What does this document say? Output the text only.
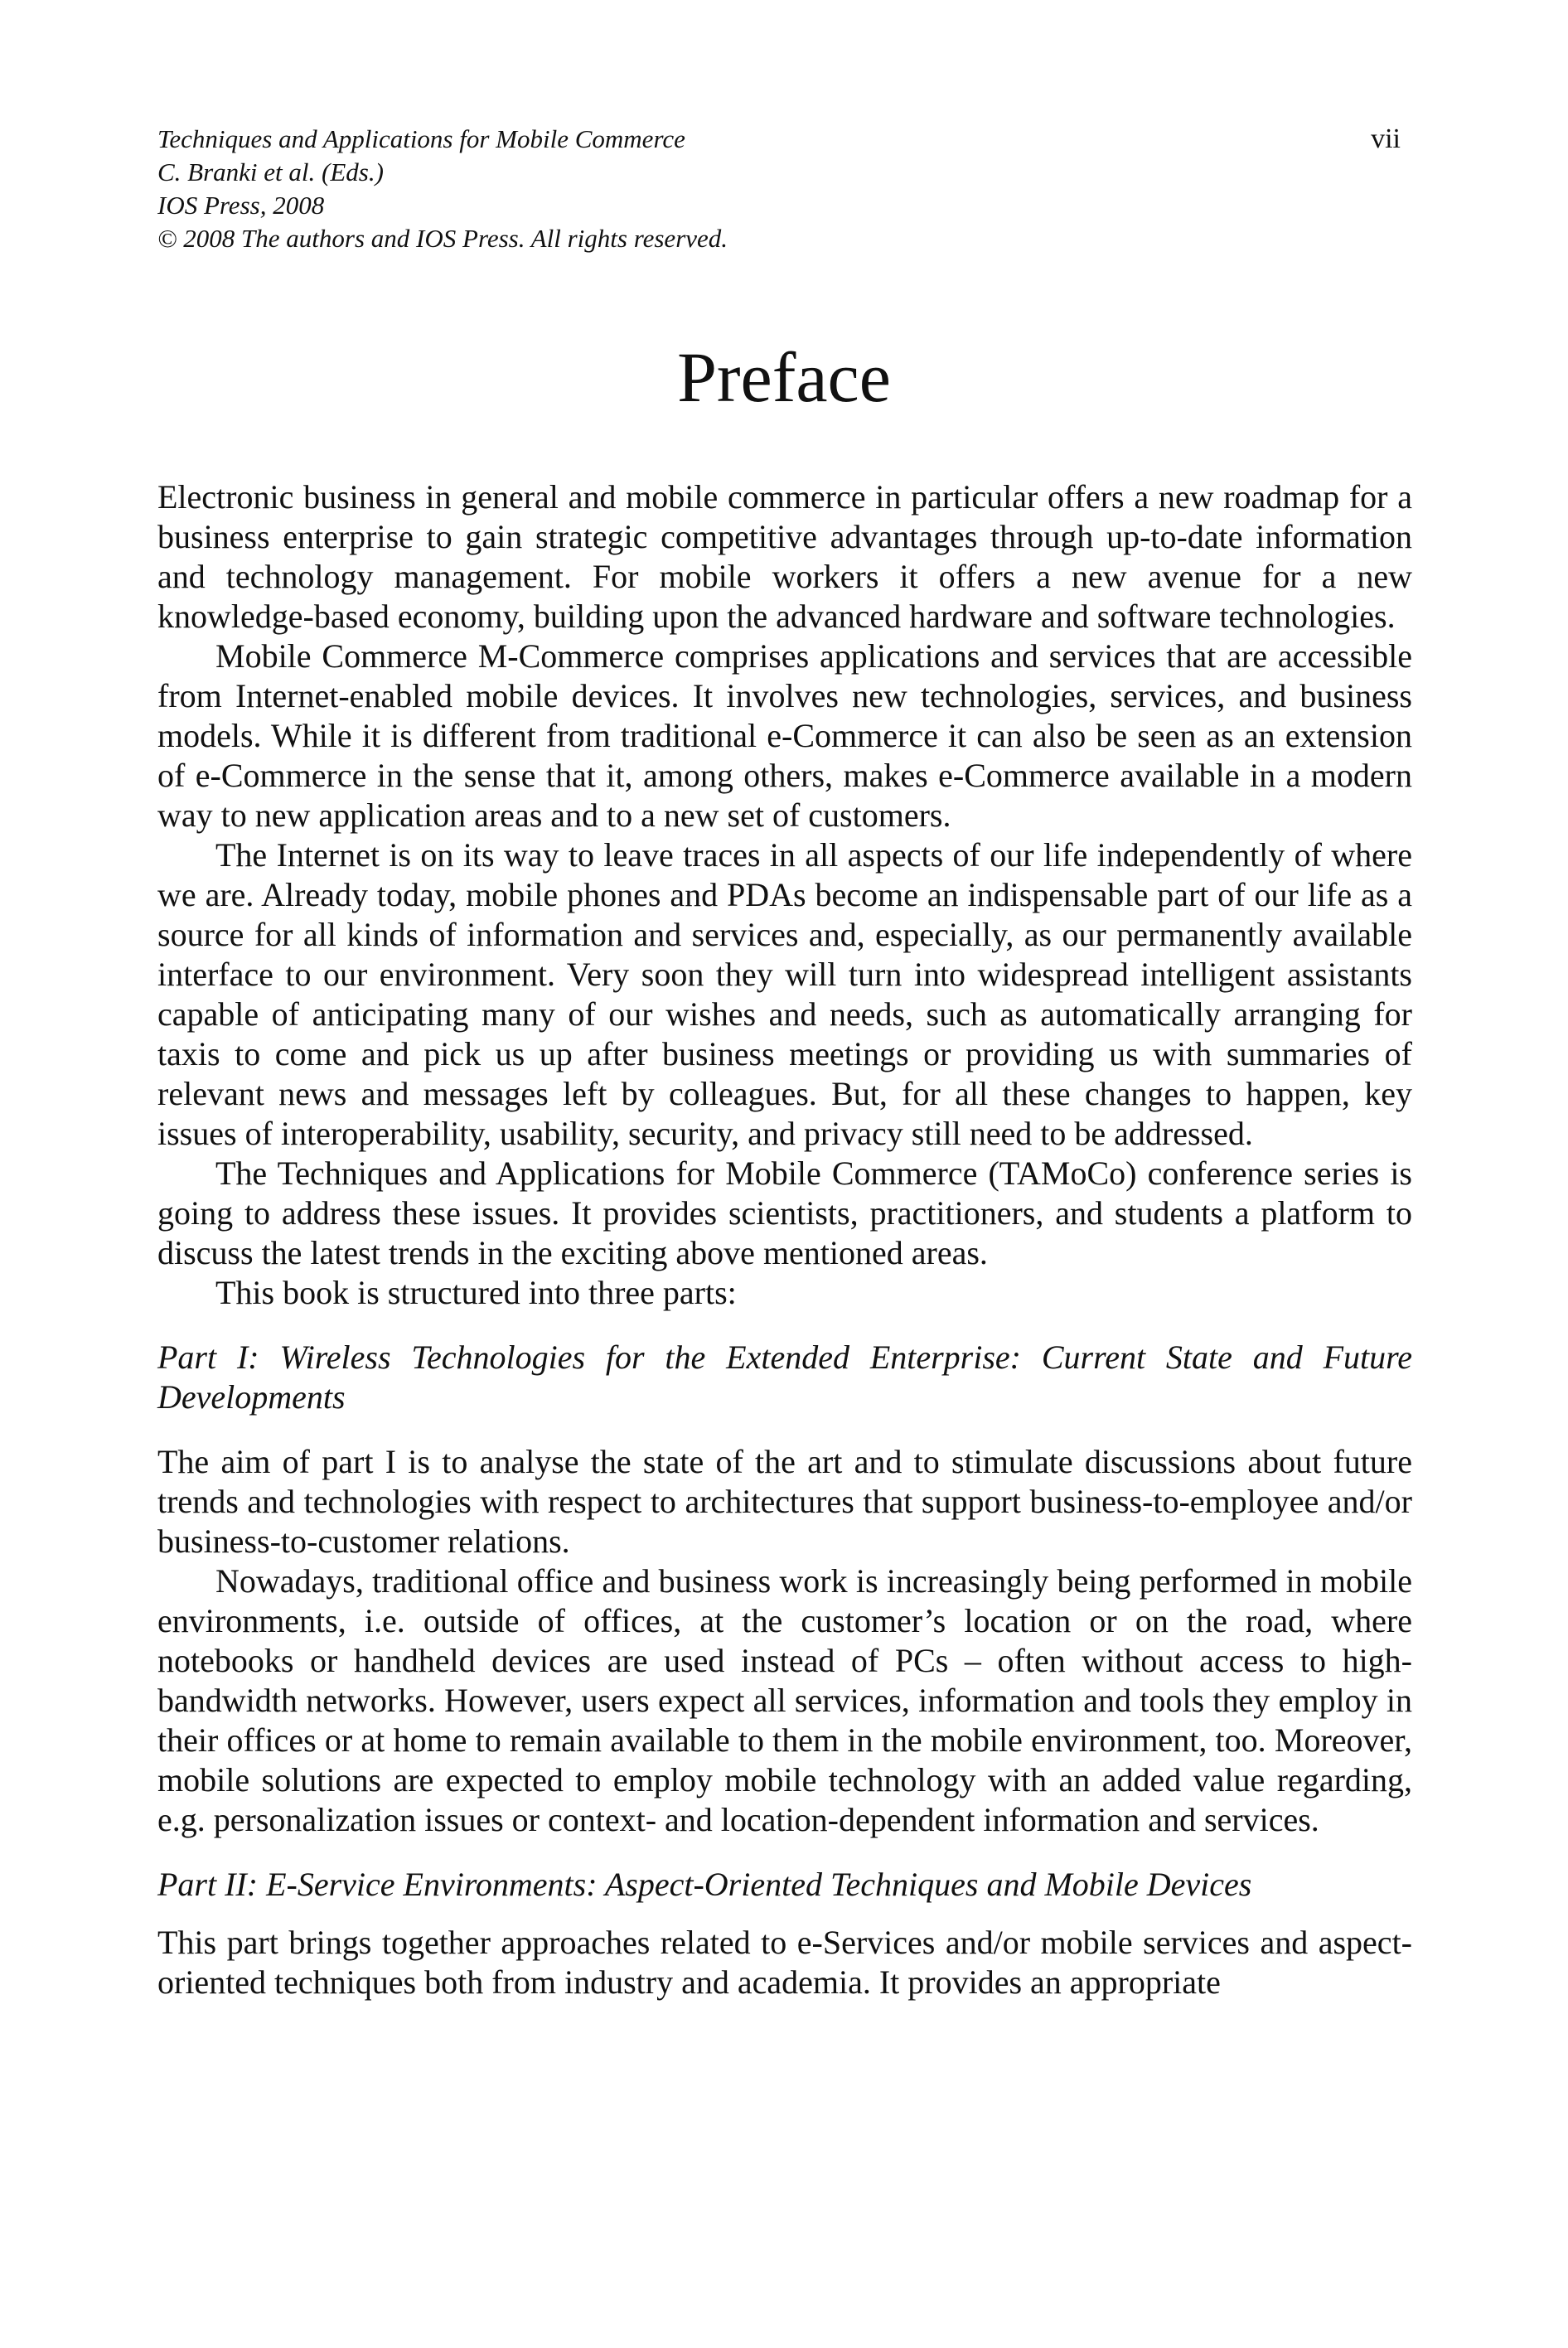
Techniques and Applications for Mobile Commerce
C. Branki et al. (Eds.)
IOS Press, 2008
© 2008 The authors and IOS Press. All rights reserved.
vii
Preface

Electronic business in general and mobile commerce in particular offers a new roadmap for a business enterprise to gain strategic competitive advantages through up-to-date information and technology management. For mobile workers it offers a new avenue for a new knowledge-based economy, building upon the advanced hardware and software technologies.

Mobile Commerce M-Commerce comprises applications and services that are accessible from Internet-enabled mobile devices. It involves new technologies, services, and business models. While it is different from traditional e-Commerce it can also be seen as an extension of e-Commerce in the sense that it, among others, makes e-Commerce available in a modern way to new application areas and to a new set of customers.

The Internet is on its way to leave traces in all aspects of our life independently of where we are. Already today, mobile phones and PDAs become an indispensable part of our life as a source for all kinds of information and services and, especially, as our permanently available interface to our environment. Very soon they will turn into widespread intelligent assistants capable of anticipating many of our wishes and needs, such as automatically arranging for taxis to come and pick us up after business meetings or providing us with summaries of relevant news and messages left by colleagues. But, for all these changes to happen, key issues of interoperability, usability, security, and privacy still need to be addressed.

The Techniques and Applications for Mobile Commerce (TAMoCo) conference series is going to address these issues. It provides scientists, practitioners, and students a platform to discuss the latest trends in the exciting above mentioned areas.

This book is structured into three parts:

Part I: Wireless Technologies for the Extended Enterprise: Current State and Future Developments

The aim of part I is to analyse the state of the art and to stimulate discussions about future trends and technologies with respect to architectures that support business-to-employee and/or business-to-customer relations.

Nowadays, traditional office and business work is increasingly being performed in mobile environments, i.e. outside of offices, at the customer’s location or on the road, where notebooks or handheld devices are used instead of PCs – often without access to high-bandwidth networks. However, users expect all services, information and tools they employ in their offices or at home to remain available to them in the mobile environment, too. Moreover, mobile solutions are expected to employ mobile technology with an added value regarding, e.g. personalization issues or context- and location-dependent information and services.

Part II: E-Service Environments: Aspect-Oriented Techniques and Mobile Devices

This part brings together approaches related to e-Services and/or mobile services and aspect-oriented techniques both from industry and academia. It provides an appropriate
